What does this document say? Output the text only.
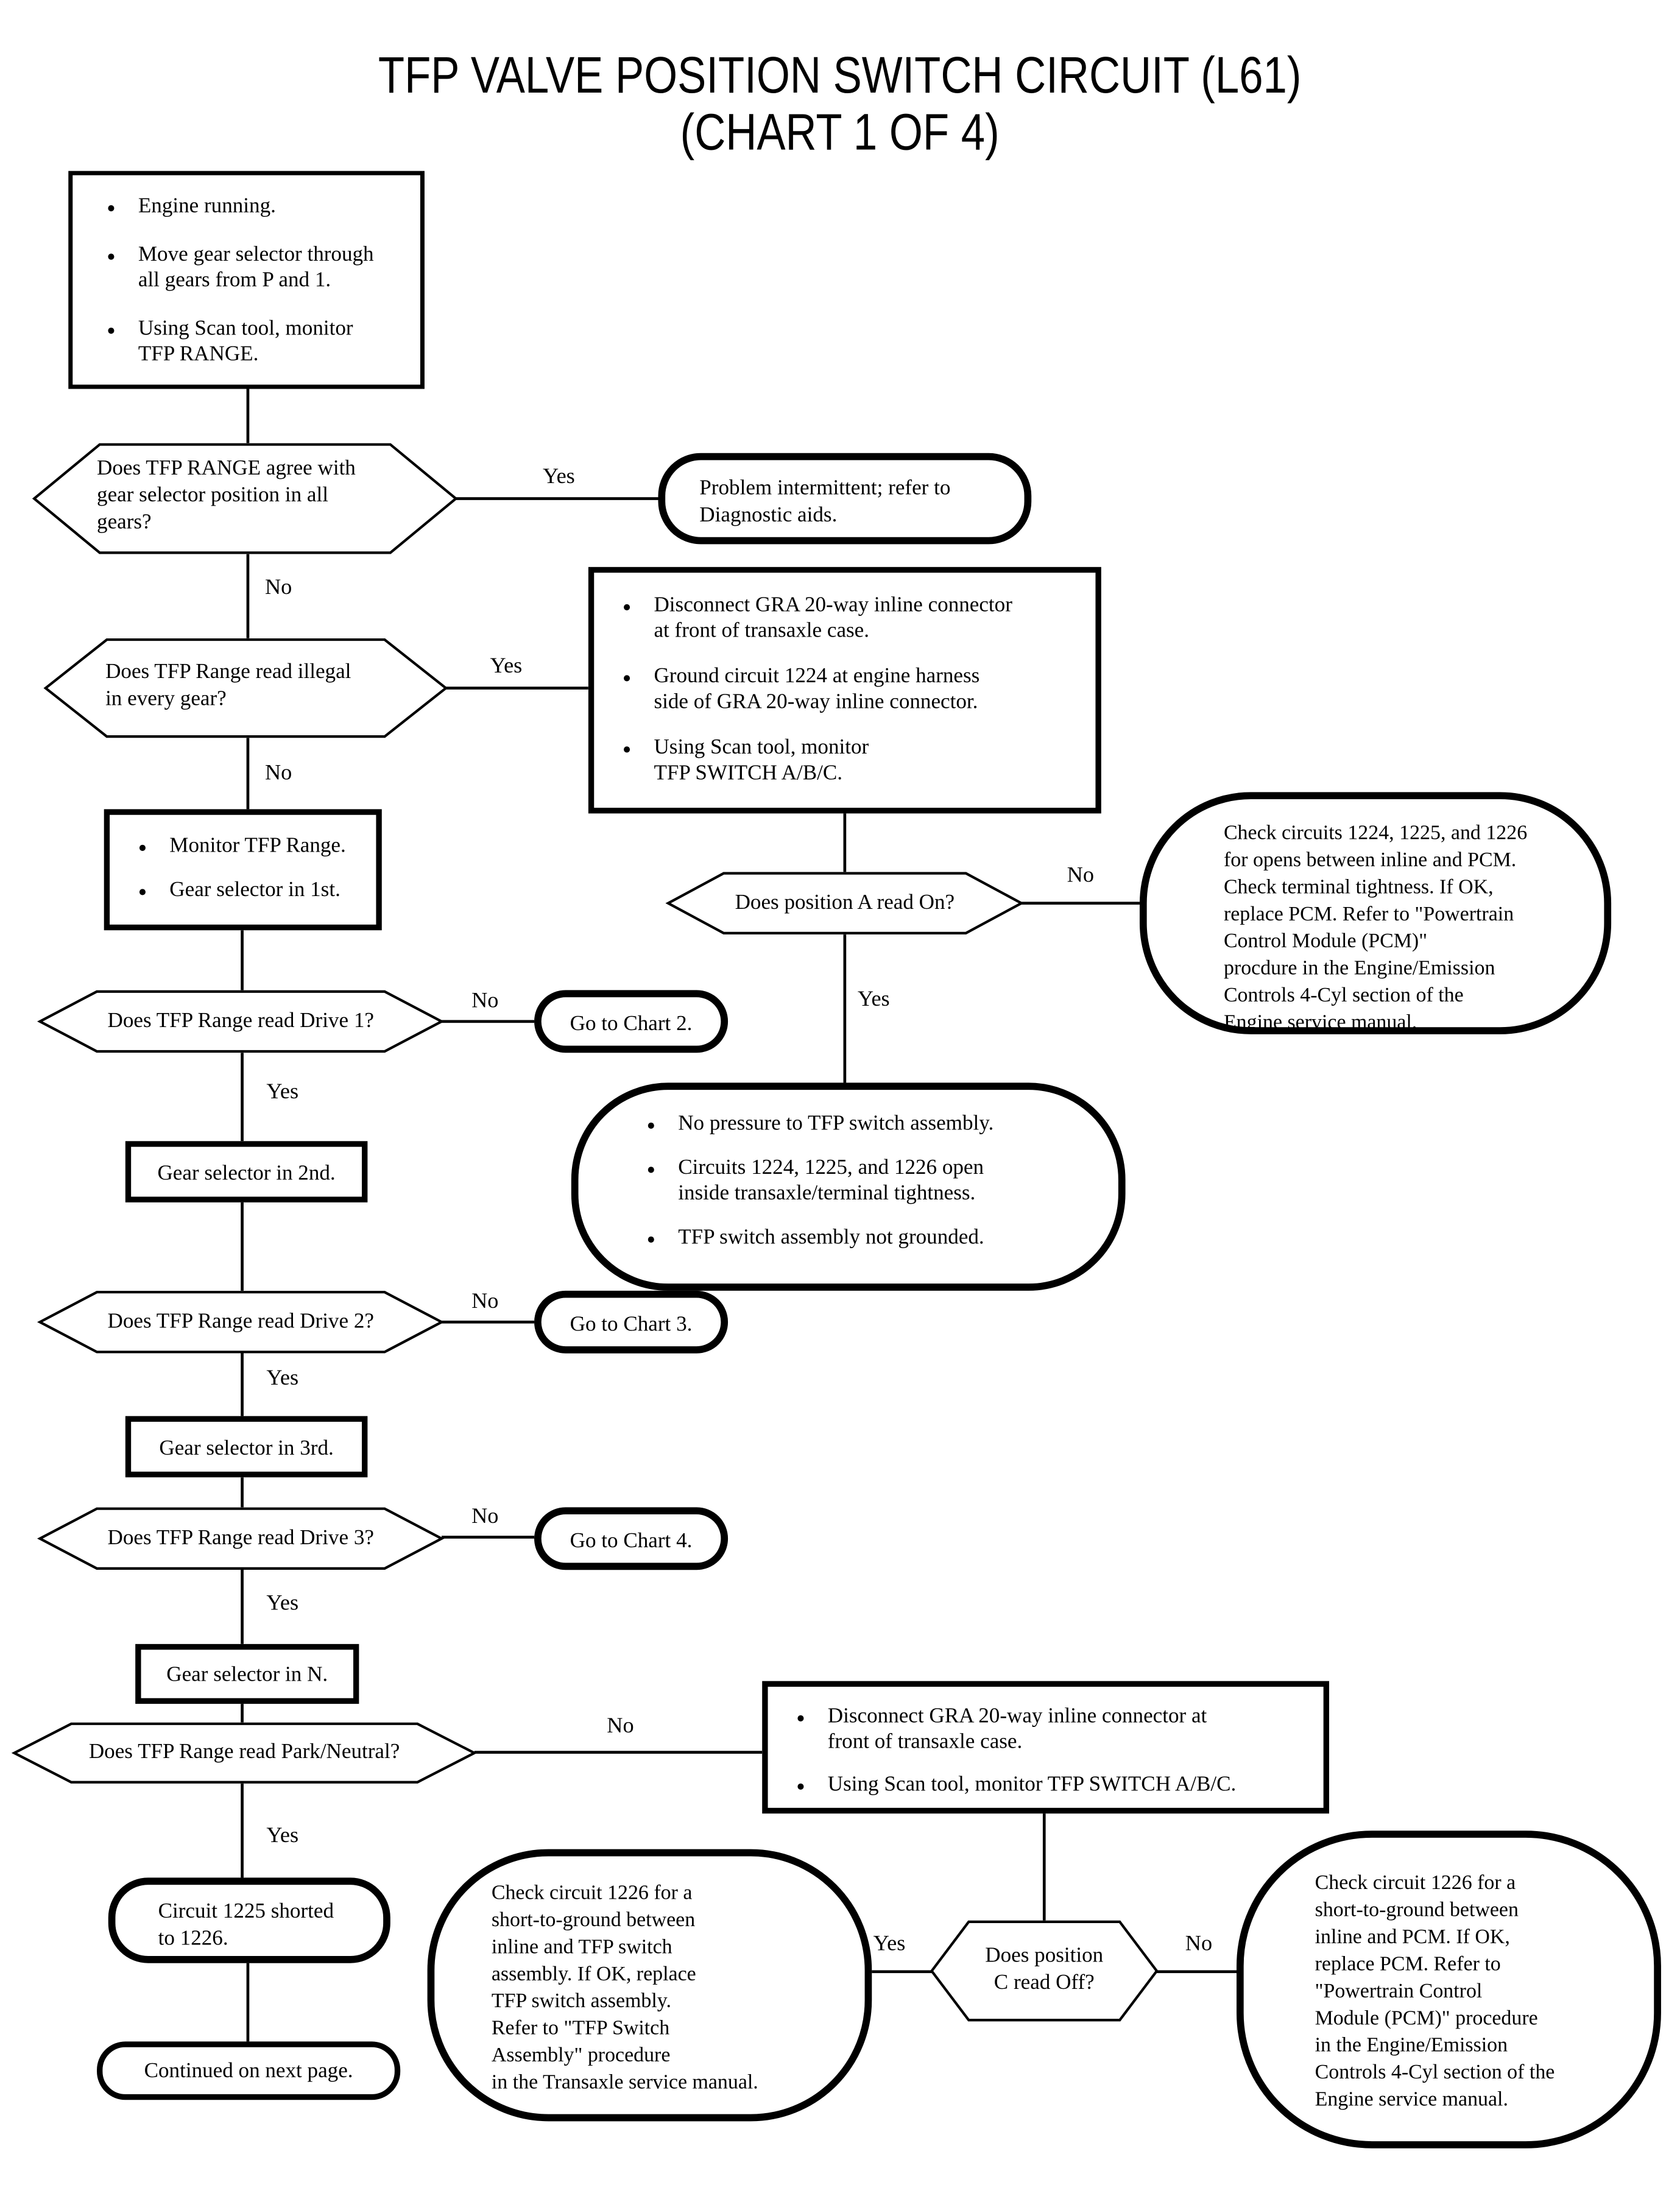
TFP VALVE POSITION SWITCH CIRCUIT (L61)
(CHART 1 OF 4)
Yes
No
Yes
No
No
Yes
No
Yes
No
Yes
No
Yes
No
Yes
Yes	No
● Engine running.
● Move gear selector through
all gears from P and 1.
● Using Scan tool, monitor
TFP RANGE.
Does TFP RANGE agree with
gear selector position in all
gears?
Problem intermittent; refer to
Diagnostic aids.
Does TFP Range read illegal
in every gear?
● Disconnect GRA 20-way inline connector
at front of transaxle case.
● Ground circuit 1224 at engine harness
side of GRA 20-way inline connector.
● Using Scan tool, monitor
TFP SWITCH A/B/C.
● Monitor TFP Range.
● Gear selector in 1st.
Does position A read On?
Check circuits 1224, 1225, and 1226
for opens between inline and PCM.
Check terminal tightness. If OK,
replace PCM. Refer to "Powertrain
Control Module (PCM)"
procdure in the Engine/Emission
Controls 4-Cyl section of the
Engine service manual.
Does TFP Range read Drive 1?	Go to Chart 2.
Gear selector in 2nd.
● No pressure to TFP switch assembly.
● Circuits 1224, 1225, and 1226 open
inside transaxle/terminal tightness.
● TFP switch assembly not grounded.
Does TFP Range read Drive 2?	Go to Chart 3.
Gear selector in 3rd.
Does TFP Range read Drive 3?	Go to Chart 4.
Gear selector in N.
Does TFP Range read Park/Neutral?
● Disconnect GRA 20-way inline connector at
front of transaxle case.
● Using Scan tool, monitor TFP SWITCH A/B/C.
Circuit 1225 shorted
to 1226.
Check circuit 1226 for a
short-to-ground between
inline and TFP switch
assembly. If OK, replace
TFP switch assembly.
Refer to "TFP Switch
Assembly" procedure
in the Transaxle service manual.
Does position
C read Off?
Check circuit 1226 for a
short-to-ground between
inline and PCM. If OK,
replace PCM. Refer to
"Powertrain Control
Module (PCM)" procedure
in the Engine/Emission
Controls 4-Cyl section of the
Engine service manual.
Continued on next page.
